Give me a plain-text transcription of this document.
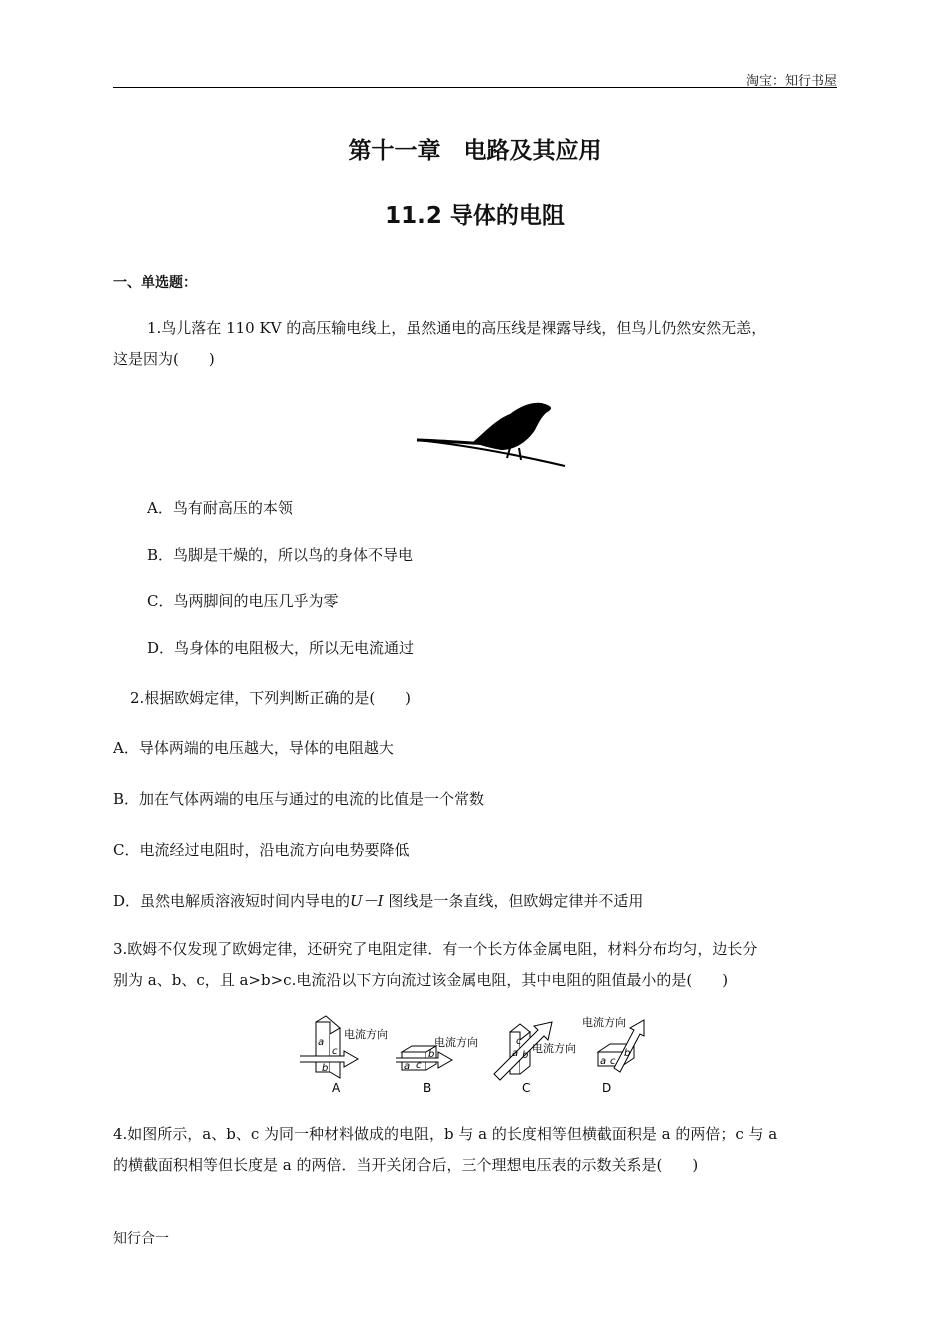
淘宝：知行书屋
第十一章　电路及其应用
11.2 导体的电阻
一、单选题：
1.鸟儿落在 110 KV 的高压输电线上，虽然通电的高压线是裸露导线，但鸟儿仍然安然无恙，
这是因为(　　)
A．鸟有耐高压的本领
B．鸟脚是干燥的，所以鸟的身体不导电
C．鸟两脚间的电压几乎为零
D．鸟身体的电阻极大，所以无电流通过
2.根据欧姆定律，下列判断正确的是(　　)
A．导体两端的电压越大，导体的电阻越大
B．加在气体两端的电压与通过的电流的比值是一个常数
C．电流经过电阻时，沿电流方向电势要降低
D．虽然电解质溶液短时间内导电的U－I 图线是一条直线，但欧姆定律并不适用
3.欧姆不仅发现了欧姆定律，还研究了电阻定律．有一个长方体金属电阻，材料分布均匀，边长分
别为 a、b、c，且 a>b>c.电流沿以下方向流过该金属电阻，其中电阻的阻值最小的是(　　)
a
b
c
电流方向
A
a
b
c
电流方向
B
a b
c
电流方向
C
a
b
c
电流方向
D
4.如图所示，a、b、c 为同一种材料做成的电阻，b 与 a 的长度相等但横截面积是 a 的两倍；c 与 a
的横截面积相等但长度是 a 的两倍．当开关闭合后，三个理想电压表的示数关系是(　　)
知行合一
